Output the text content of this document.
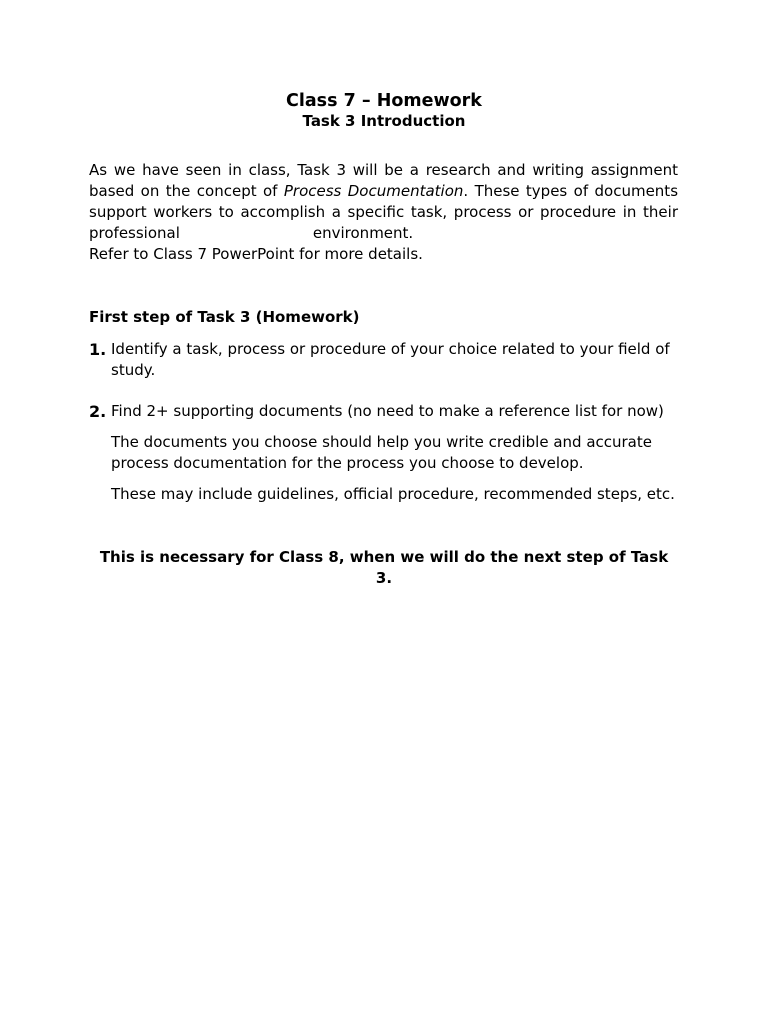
Class 7 – Homework
Task 3 Introduction
As we have seen in class, Task 3 will be a research and writing assignment
based on the concept of Process Documentation. These types of documents
support workers to accomplish a specific task, process or procedure in their
professional	environment.
Refer to Class 7 PowerPoint for more details.
First step of Task 3 (Homework)
1. Identify a task, process or procedure of your choice related to your field of
study.
2. Find 2+ supporting documents (no need to make a reference list for now)
The documents you choose should help you write credible and accurate
process documentation for the process you choose to develop.
These may include guidelines, official procedure, recommended steps, etc.
This is necessary for Class 8, when we will do the next step of Task
3.
